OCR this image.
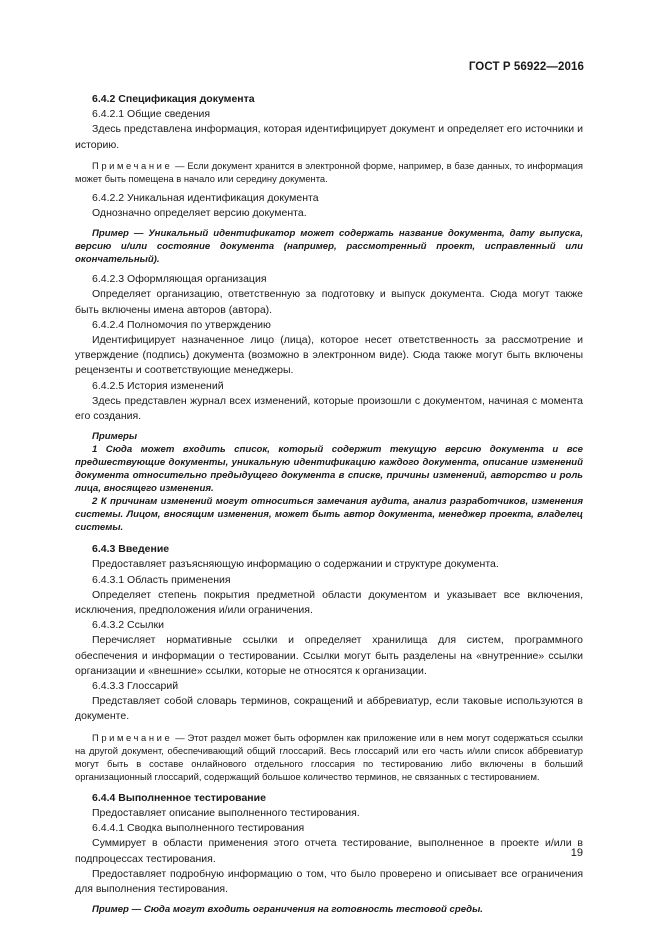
ГОСТ Р 56922—2016

6.4.2 Спецификация документа

6.4.2.1 Общие сведения

Здесь представлена информация, которая идентифицирует документ и определяет его источники и историю.

Примечание — Если документ хранится в электронной форме, например, в базе данных, то информация может быть помещена в начало или середину документа.

6.4.2.2 Уникальная идентификация документа

Однозначно определяет версию документа.

Пример — Уникальный идентификатор может содержать название документа, дату выпуска, версию и/или состояние документа (например, рассмотренный проект, исправленный или окончательный).

6.4.2.3 Оформляющая организация

Определяет организацию, ответственную за подготовку и выпуск документа. Сюда могут также быть включены имена авторов (автора).

6.4.2.4 Полномочия по утверждению

Идентифицирует назначенное лицо (лица), которое несет ответственность за рассмотрение и утверждение (подпись) документа (возможно в электронном виде). Сюда также могут быть включены рецензенты и соответствующие менеджеры.

6.4.2.5 История изменений

Здесь представлен журнал всех изменений, которые произошли с документом, начиная с момента его создания.

Примеры

1 Сюда может входить список, который содержит текущую версию документа и все предшествующие документы, уникальную идентификацию каждого документа, описание изменений документа относительно предыдущего документа в списке, причины изменений, авторство и роль лица, вносящего изменения.

2 К причинам изменений могут относиться замечания аудита, анализ разработчиков, изменения системы. Лицом, вносящим изменения, может быть автор документа, менеджер проекта, владелец системы.

6.4.3 Введение

Предоставляет разъясняющую информацию о содержании и структуре документа.

6.4.3.1 Область применения

Определяет степень покрытия предметной области документом и указывает все включения, исключения, предположения и/или ограничения.

6.4.3.2 Ссылки

Перечисляет нормативные ссылки и определяет хранилища для систем, программного обеспечения и информации о тестировании. Ссылки могут быть разделены на «внутренние» ссылки организации и «внешние» ссылки, которые не относятся к организации.

6.4.3.3 Глоссарий

Представляет собой словарь терминов, сокращений и аббревиатур, если таковые используются в документе.

Примечание — Этот раздел может быть оформлен как приложение или в нем могут содержаться ссылки на другой документ, обеспечивающий общий глоссарий. Весь глоссарий или его часть и/или список аббревиатур могут быть в составе онлайнового отдельного глоссария по тестированию либо включены в больший организационный глоссарий, содержащий большое количество терминов, не связанных с тестированием.

6.4.4 Выполненное тестирование

Предоставляет описание выполненного тестирования.

6.4.4.1 Сводка выполненного тестирования

Суммирует в области применения этого отчета тестирование, выполненное в проекте и/или в подпроцессах тестирования.

Предоставляет подробную информацию о том, что было проверено и описывает все ограничения для выполнения тестирования.

Пример — Сюда могут входить ограничения на готовность тестовой среды.

19
